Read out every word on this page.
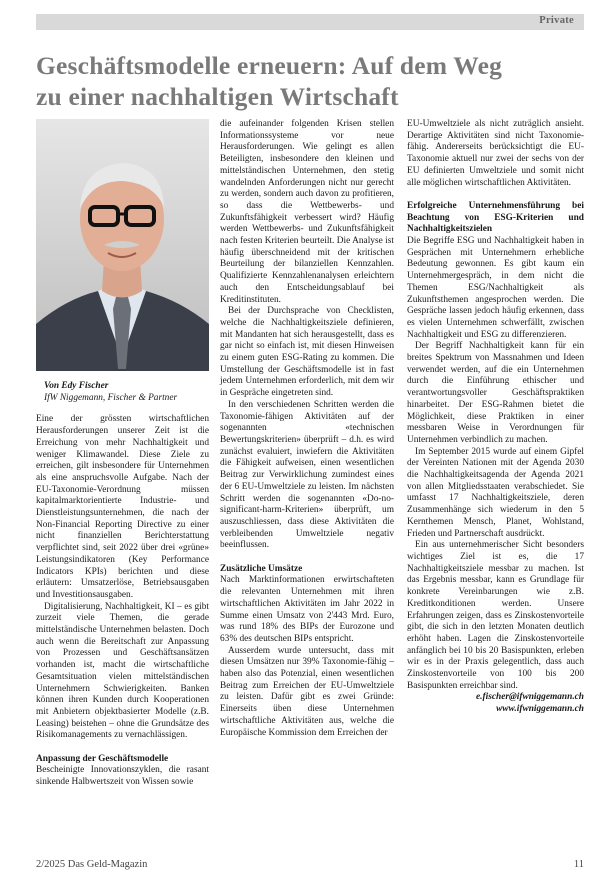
Private
Geschäftsmodelle erneuern: Auf dem Weg
zu einer nachhaltigen Wirtschaft

Von Edy Fischer

IfW Niggemann, Fischer & Partner

Eine der grössten wirtschaftlichen Herausforderungen unserer Zeit ist die Erreichung von mehr Nachhaltigkeit und weniger Klimawandel. Diese Ziele zu erreichen, gilt insbesondere für Unternehmen als eine anspruchsvolle Aufgabe. Nach der EU-Taxonomie-Verordnung müssen kapitalmarktorientierte Industrie- und Dienstleistungsunternehmen, die nach der Non-Financial Reporting Directive zu einer nicht finanziellen Berichterstattung verpflichtet sind, seit 2022 über drei «grüne» Leistungsindikatoren (Key Performance Indicators KPIs) berichten und diese erläutern: Umsatzerlöse, Betriebsausgaben und Investitionsausgaben.

Digitalisierung, Nachhaltigkeit, KI – es gibt zurzeit viele Themen, die gerade mittelständische Unternehmen belasten. Doch auch wenn die Bereitschaft zur Anpassung von Prozessen und Geschäftsansätzen vorhanden ist, macht die wirtschaftliche Gesamtsituation vielen mittelständischen Unternehmern Schwierigkeiten. Banken können ihren Kunden durch Kooperationen mit Anbietern objektbasierter Modelle (z.B. Leasing) beistehen – ohne die Grundsätze des Risikomanagements zu vernachlässigen.

Anpassung der Geschäftsmodelle

Bescheinigte Innovationszyklen, die rasant sinkende Halbwertszeit von Wissen sowie

die aufeinander folgenden Krisen stellen Informationssysteme vor neue Herausforderungen. Wie gelingt es allen Beteiligten, insbesondere den kleinen und mittelständischen Unternehmen, den stetig wandelnden Anforderungen nicht nur gerecht zu werden, sondern auch davon zu profitieren, so dass die Wettbewerbs- und Zukunftsfähigkeit verbessert wird? Häufig werden Wettbewerbs- und Zukunftsfähigkeit nach festen Kriterien beurteilt. Die Analyse ist häufig überschneidend mit der kritischen Beurteilung der bilanziellen Kennzahlen. Qualifizierte Kennzahlenanalysen erleichtern auch den Entscheidungsablauf bei Kreditinstituten.

Bei der Durchsprache von Checklisten, welche die Nachhaltigkeitsziele definieren, mit Mandanten hat sich herausgestellt, dass es gar nicht so einfach ist, mit diesen Hinweisen zu einem guten ESG-Rating zu kommen. Die Umstellung der Geschäftsmodelle ist in fast jedem Unternehmen erforderlich, mit dem wir in Gespräche eingetreten sind.

In den verschiedenen Schritten werden die Taxonomie-fähigen Aktivitäten auf der sogenannten «technischen Bewertungskriterien» überprüft – d.h. es wird zunächst evaluiert, inwiefern die Aktivitäten die Fähigkeit aufweisen, einen wesentlichen Beitrag zur Verwirklichung zumindest eines der 6 EU-Umweltziele zu leisten. Im nächsten Schritt werden die sogenannten «Do-no-significant-harm-Kriterien» überprüft, um auszuschliessen, dass diese Aktivitäten die verbleibenden Umweltziele negativ beeinflussen.

Zusätzliche Umsätze

Nach Marktinformationen erwirtschafteten die relevanten Unternehmen mit ihren wirtschaftlichen Aktivitäten im Jahr 2022 in Summe einen Umsatz von 2'443 Mrd. Euro, was rund 18% des BIPs der Eurozone und 63% des deutschen BIPs entspricht.

Ausserdem wurde untersucht, dass mit diesen Umsätzen nur 39% Taxonomie-fähig – haben also das Potenzial, einen wesentlichen Beitrag zum Erreichen der EU-Umweltziele zu leisten. Dafür gibt es zwei Gründe: Einerseits üben diese Unternehmen wirtschaftliche Aktivitäten aus, welche die Europäische Kommission dem Erreichen der

EU-Umweltziele als nicht zuträglich ansieht. Derartige Aktivitäten sind nicht Taxonomie-fähig. Andererseits berücksichtigt die EU-Taxonomie aktuell nur zwei der sechs von der EU definierten Umweltziele und somit nicht alle möglichen wirtschaftlichen Aktivitäten.

Erfolgreiche Unternehmensführung bei Beachtung von ESG-Kriterien und Nachhaltigkeitszielen

Die Begriffe ESG und Nachhaltigkeit haben in Gesprächen mit Unternehmern erhebliche Bedeutung gewonnen. Es gibt kaum ein Unternehmergespräch, in dem nicht die Themen ESG/Nachhaltigkeit als Zukunftsthemen angesprochen werden. Die Gespräche lassen jedoch häufig erkennen, dass es vielen Unternehmen schwerfällt, zwischen Nachhaltigkeit und ESG zu differenzieren.

Der Begriff Nachhaltigkeit kann für ein breites Spektrum von Massnahmen und Ideen verwendet werden, auf die ein Unternehmen durch die Einführung ethischer und verantwortungsvoller Geschäftspraktiken hinarbeitet. Der ESG-Rahmen bietet die Möglichkeit, diese Praktiken in einer messbaren Weise in Verordnungen für Unternehmen verbindlich zu machen.

Im September 2015 wurde auf einem Gipfel der Vereinten Nationen mit der Agenda 2030 die Nachhaltigkeitsagenda der Agenda 2021 von allen Mitgliedsstaaten verabschiedet. Sie umfasst 17 Nachhaltigkeitsziele, deren Zusammenhänge sich wiederum in den 5 Kernthemen Mensch, Planet, Wohlstand, Frieden und Partnerschaft ausdrückt.

Ein aus unternehmerischer Sicht besonders wichtiges Ziel ist es, die 17 Nachhaltigkeitsziele messbar zu machen. Ist das Ergebnis messbar, kann es Grundlage für konkrete Vereinbarungen wie z.B. Kreditkonditionen werden. Unsere Erfahrungen zeigen, dass es Zinskostenvorteile gibt, die sich in den letzten Monaten deutlich erhöht haben. Lagen die Zinskostenvorteile anfänglich bei 10 bis 20 Basispunkten, erleben wir es in der Praxis gelegentlich, dass auch Zinskostenvorteile von 100 bis 200 Basispunkten erreichbar sind.

e.fischer@ifwniggemann.ch

www.ifwniggemann.ch

2/2025 Das Geld-Magazin	11
